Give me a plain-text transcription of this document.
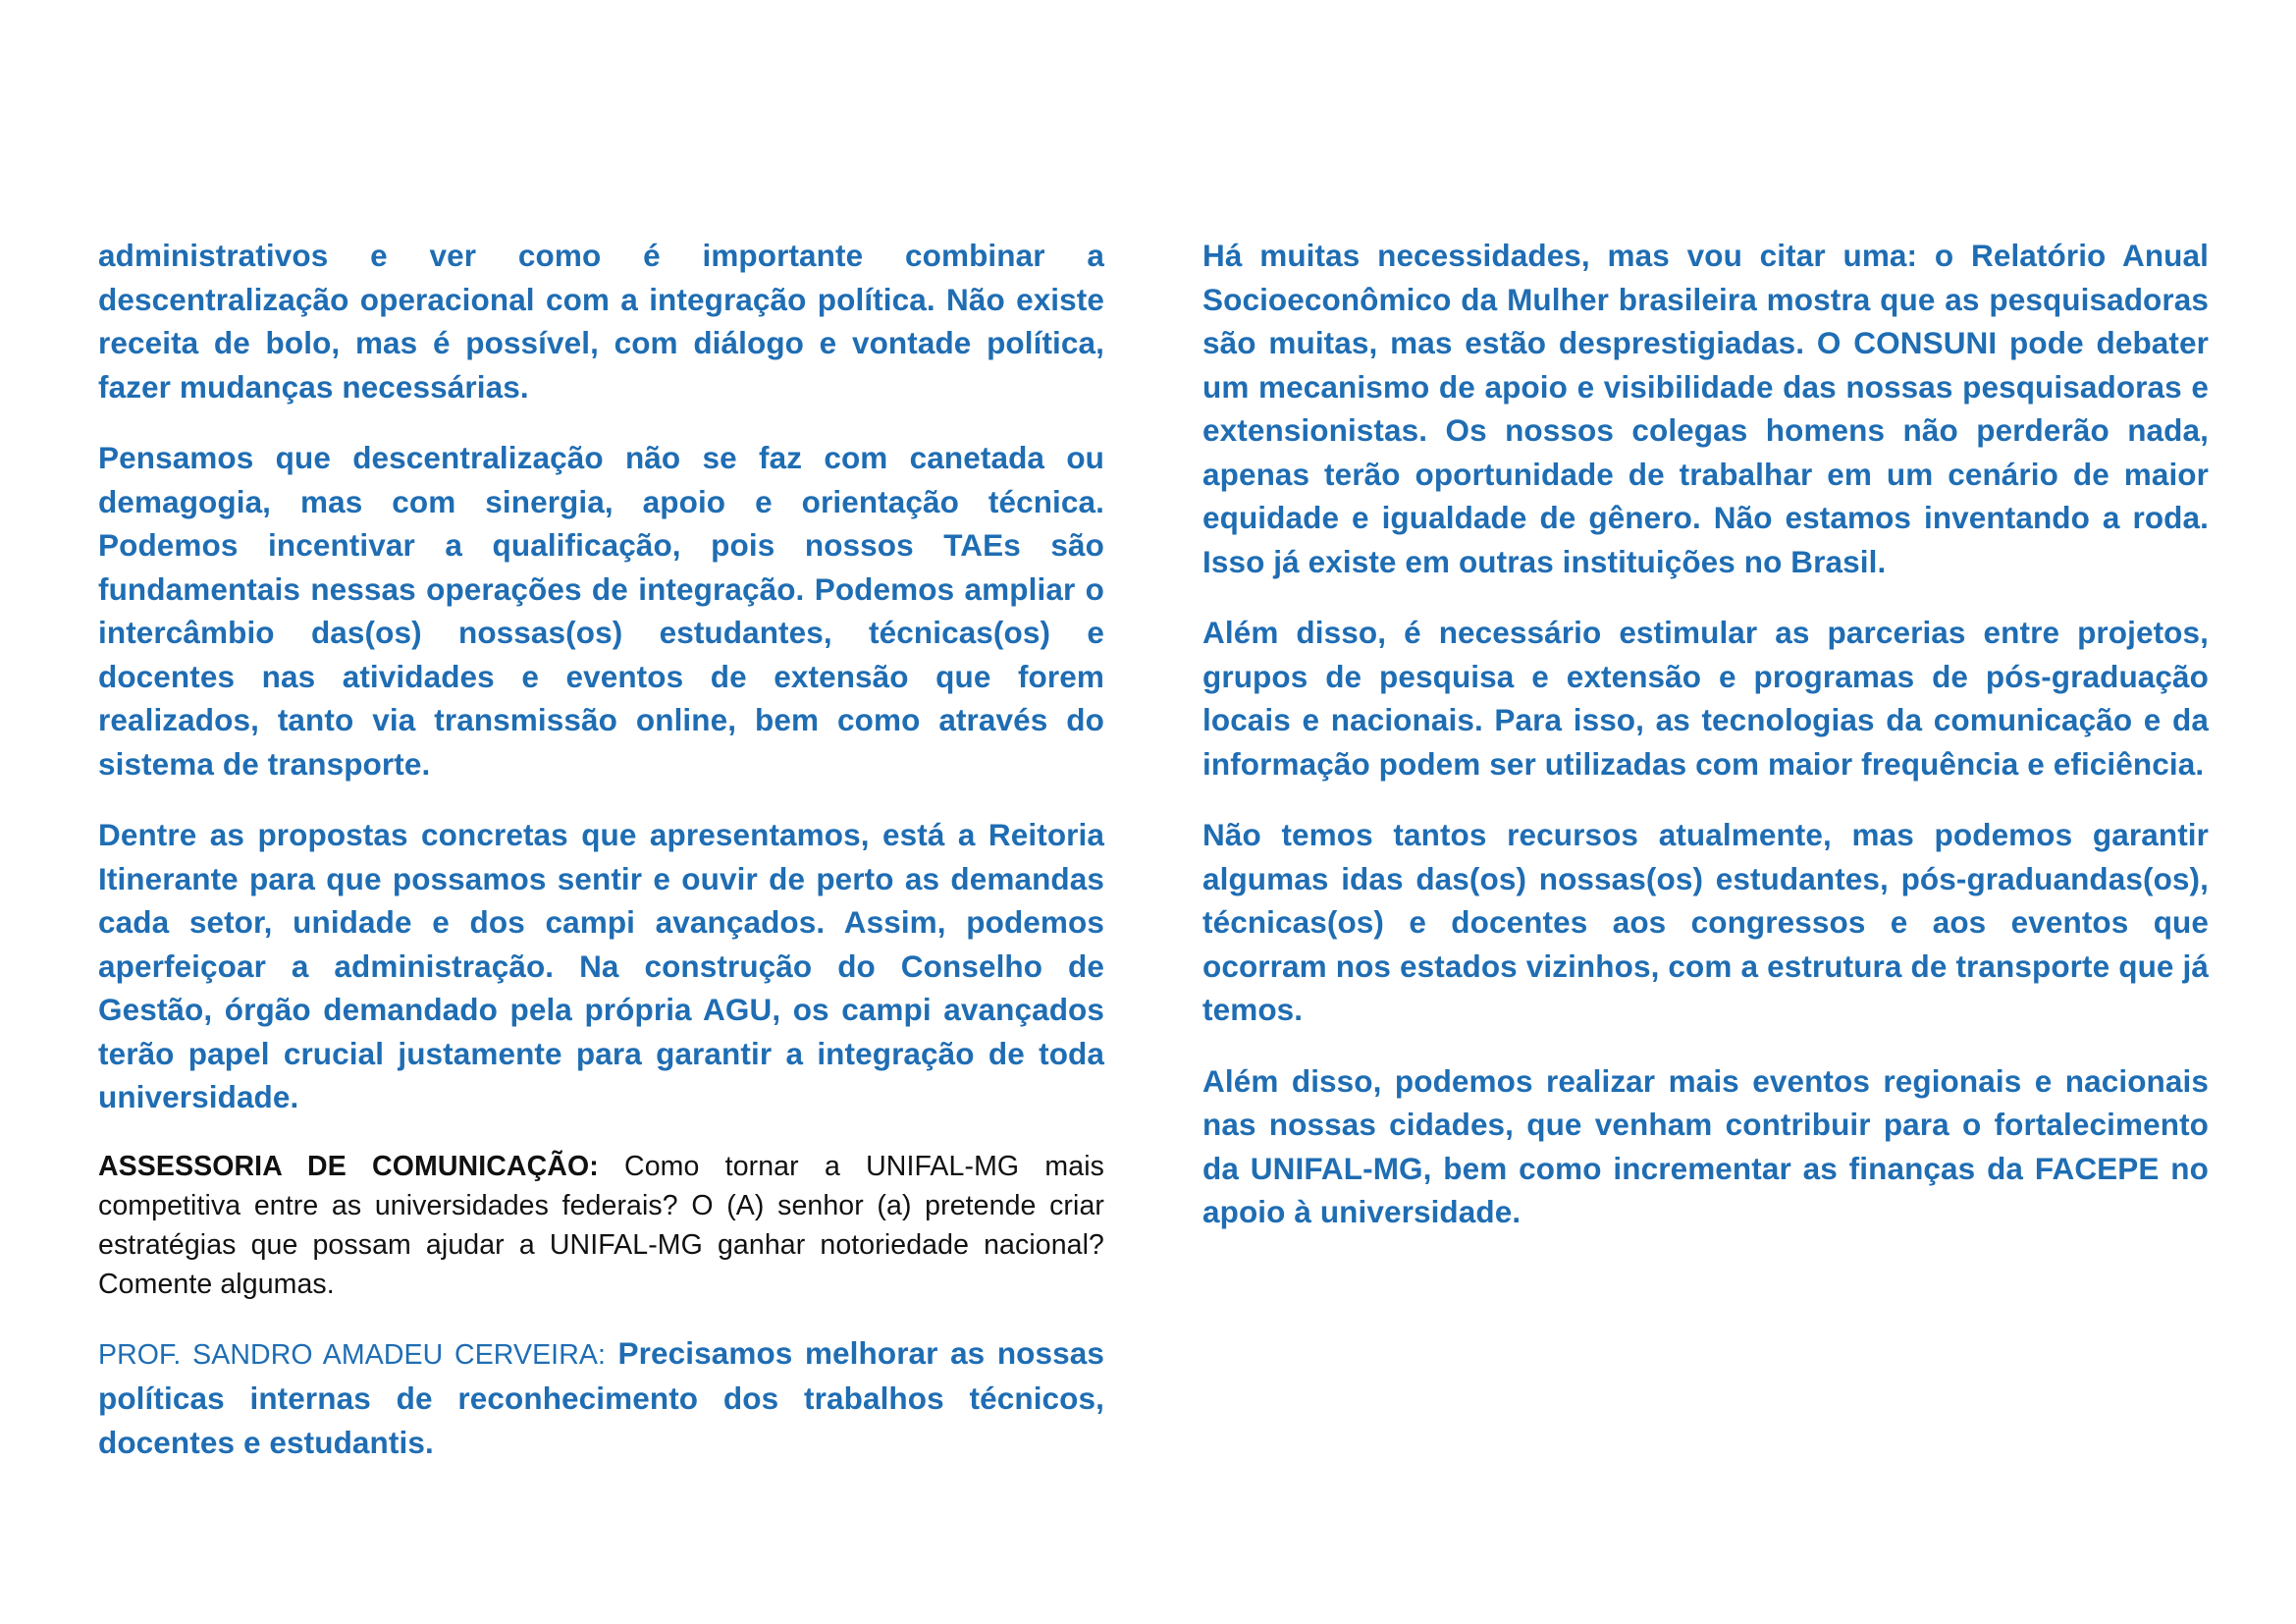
administrativos e ver como é importante combinar a descentralização operacional com a integração política. Não existe receita de bolo, mas é possível, com diálogo e vontade política, fazer mudanças necessárias.

Pensamos que descentralização não se faz com canetada ou demagogia, mas com sinergia, apoio e orientação técnica. Podemos incentivar a qualificação, pois nossos TAEs são fundamentais nessas operações de integração. Podemos ampliar o intercâmbio das(os) nossas(os) estudantes, técnicas(os) e docentes nas atividades e eventos de extensão que forem realizados, tanto via transmissão online, bem como através do sistema de transporte.

Dentre as propostas concretas que apresentamos, está a Reitoria Itinerante para que possamos sentir e ouvir de perto as demandas cada setor, unidade e dos campi avançados. Assim, podemos aperfeiçoar a administração. Na construção do Conselho de Gestão, órgão demandado pela própria AGU, os campi avançados terão papel crucial justamente para garantir a integração de toda universidade.

ASSESSORIA DE COMUNICAÇÃO: Como tornar a UNIFAL-MG mais competitiva entre as universidades federais? O (A) senhor (a) pretende criar estratégias que possam ajudar a UNIFAL-MG ganhar notoriedade nacional? Comente algumas.

PROF. SANDRO AMADEU CERVEIRA: Precisamos melhorar as nossas políticas internas de reconhecimento dos trabalhos técnicos, docentes e estudantis.

Há muitas necessidades, mas vou citar uma: o Relatório Anual Socioeconômico da Mulher brasileira mostra que as pesquisadoras são muitas, mas estão desprestigiadas. O CONSUNI pode debater um mecanismo de apoio e visibilidade das nossas pesquisadoras e extensionistas. Os nossos colegas homens não perderão nada, apenas terão oportunidade de trabalhar em um cenário de maior equidade e igualdade de gênero. Não estamos inventando a roda. Isso já existe em outras instituições no Brasil.

Além disso, é necessário estimular as parcerias entre projetos, grupos de pesquisa e extensão e programas de pós-graduação locais e nacionais. Para isso, as tecnologias da comunicação e da informação podem ser utilizadas com maior frequência e eficiência.

Não temos tantos recursos atualmente, mas podemos garantir algumas idas das(os) nossas(os) estudantes, pós-graduandas(os), técnicas(os) e docentes aos congressos e aos eventos que ocorram nos estados vizinhos, com a estrutura de transporte que já temos.

Além disso, podemos realizar mais eventos regionais e nacionais nas nossas cidades, que venham contribuir para o fortalecimento da UNIFAL-MG, bem como incrementar as finanças da FACEPE no apoio à universidade.
